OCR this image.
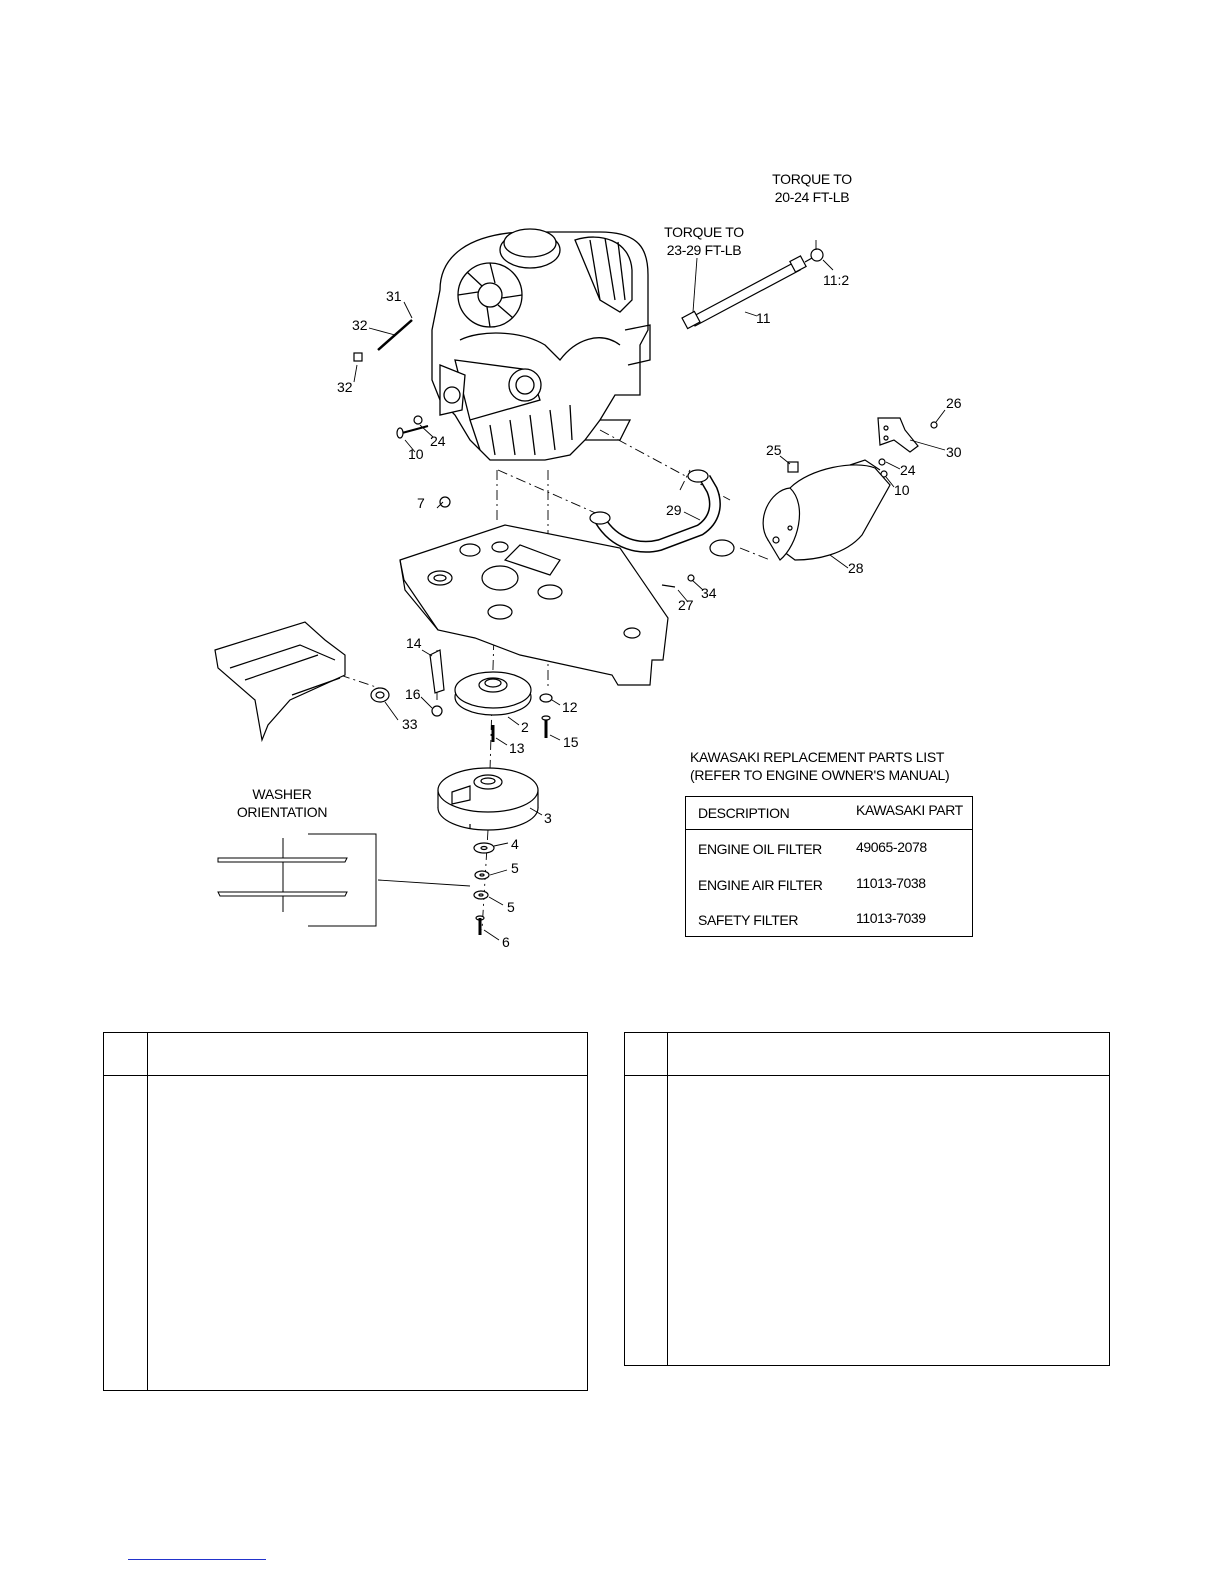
TORQUE TO
20-24 FT-LB
TORQUE TO
23-29 FT-LB
WASHER
ORIENTATION
31
32
32
10
24
11:2
11
26
25
24
30
10
7	29
28
27
34
14
16
33
12
2
13	15
3
4
5
5
6
KAWASAKI REPLACEMENT PARTS LIST
(REFER TO ENGINE OWNER'S MANUAL)
DESCRIPTION	KAWASAKI PART
ENGINE OIL FILTER 49065-2078
ENGINE AIR FILTER 11013-7038
SAFETY FILTER	11013-7039
